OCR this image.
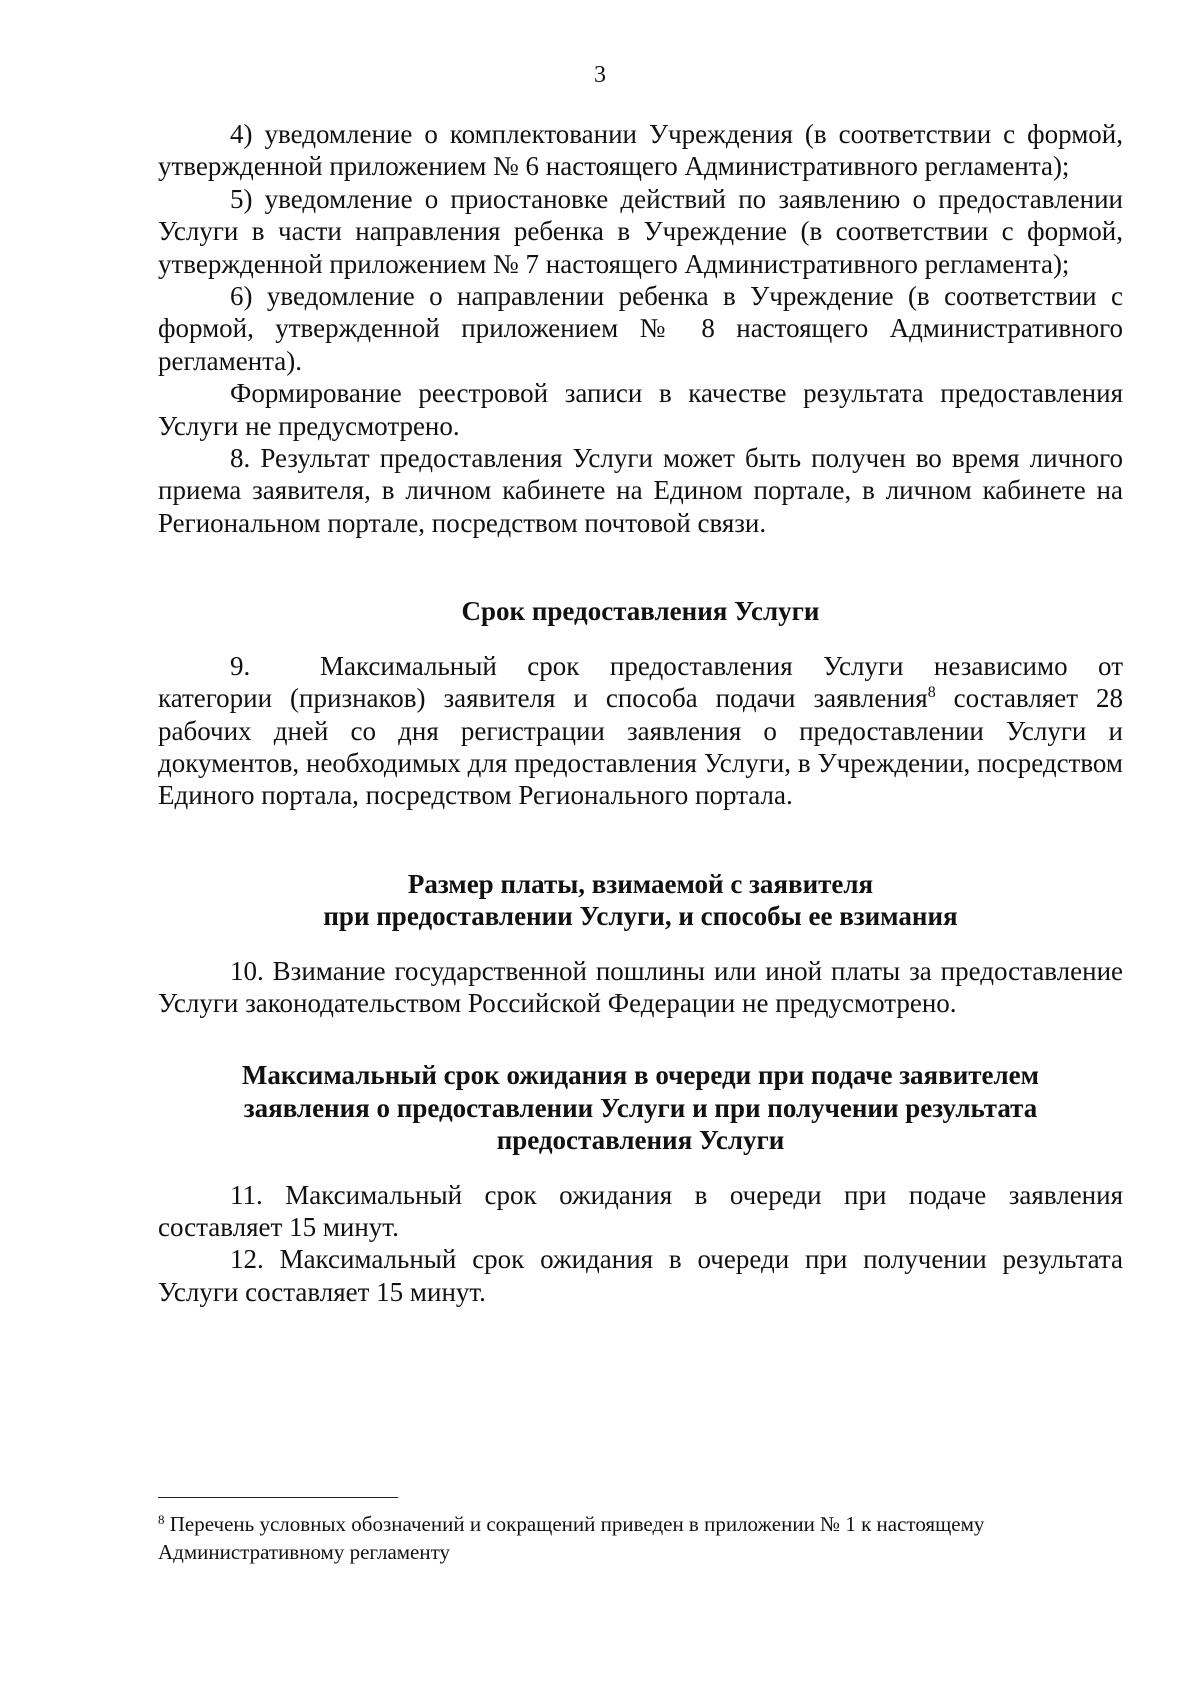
3

4) уведомление о комплектовании Учреждения (в соответствии с формой, утвержденной приложением № 6 настоящего Административного регламента);

5) уведомление о приостановке действий по заявлению о предоставлении Услуги в части направления ребенка в Учреждение (в соответствии с формой, утвержденной приложением № 7 настоящего Административного регламента);

6) уведомление о направлении ребенка в Учреждение (в соответствии с формой, утвержденной приложением № 8 настоящего Административного регламента).

Формирование реестровой записи в качестве результата предоставления Услуги не предусмотрено.

8. Результат предоставления Услуги может быть получен во время личного приема заявителя, в личном кабинете на Едином портале, в личном кабинете на Региональном портале, посредством почтовой связи.

Срок предоставления Услуги

9.	Максимальный срок предоставления Услуги независимо от категории (признаков) заявителя и способа подачи заявления$^8$ составляет 28 рабочих дней со дня регистрации заявления о предоставлении Услуги и документов, необходимых для предоставления Услуги, в Учреждении, посредством Единого портала, посредством Регионального портала.

Размер платы, взимаемой с заявителя
при предоставлении Услуги, и способы ее взимания

10. Взимание государственной пошлины или иной платы за предоставление Услуги законодательством Российской Федерации не предусмотрено.

Максимальный срок ожидания в очереди при подаче заявителем
заявления о предоставлении Услуги и при получении результата
предоставления Услуги

11. Максимальный срок ожидания в очереди при подаче заявления составляет 15 минут.

12. Максимальный срок ожидания в очереди при получении результата Услуги составляет 15 минут.

$^8$ Перечень условных обозначений и сокращений приведен в приложении № 1 к настоящему Административному регламенту
